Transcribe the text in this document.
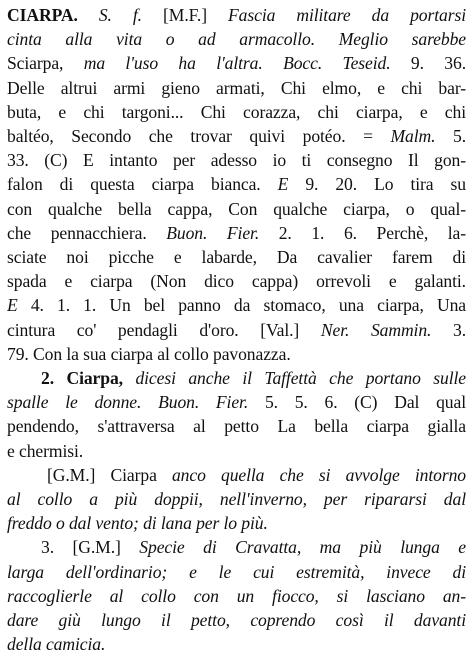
CIARPA. S. f. [M.F.] Fascia militare da portarsi
cinta alla vita o ad armacollo. Meglio sarebbe
Sciarpa, ma l'uso ha l'altra. Bocc. Teseid. 9. 36.
Delle altrui armi gieno armati, Chi elmo, e chi bar-
buta, e chi targoni... Chi corazza, chi ciarpa, e chi
baltéo, Secondo che trovar quivi potéo. = Malm. 5.
33. (C) E intanto per adesso io ti consegno Il gon-
falon di questa ciarpa bianca. E 9. 20. Lo tira su
con qualche bella cappa, Con qualche ciarpa, o qual-
che pennacchiera. Buon. Fier. 2. 1. 6. Perchè, la-
sciate noi picche e labarde, Da cavalier farem di
spada e ciarpa (Non dico cappa) orrevoli e galanti.
E 4. 1. 1. Un bel panno da stomaco, una ciarpa, Una
cintura co' pendagli d'oro. [Val.] Ner. Sammin. 3.
79. Con la sua ciarpa al collo pavonazza.
2. Ciarpa, dicesi anche il Taffettà che portano sulle
spalle le donne. Buon. Fier. 5. 5. 6. (C) Dal qual
pendendo, s'attraversa al petto La bella ciarpa gialla
e chermisi.
[G.M.] Ciarpa anco quella che si avvolge intorno
al collo a più doppii, nell'inverno, per ripararsi dal
freddo o dal vento; di lana per lo più.
3. [G.M.] Specie di Cravatta, ma più lunga e
larga dell'ordinario; e le cui estremità, invece di
raccoglierle al collo con un fiocco, si lasciano an-
dare giù lungo il petto, coprendo così il davanti
della camicia.
